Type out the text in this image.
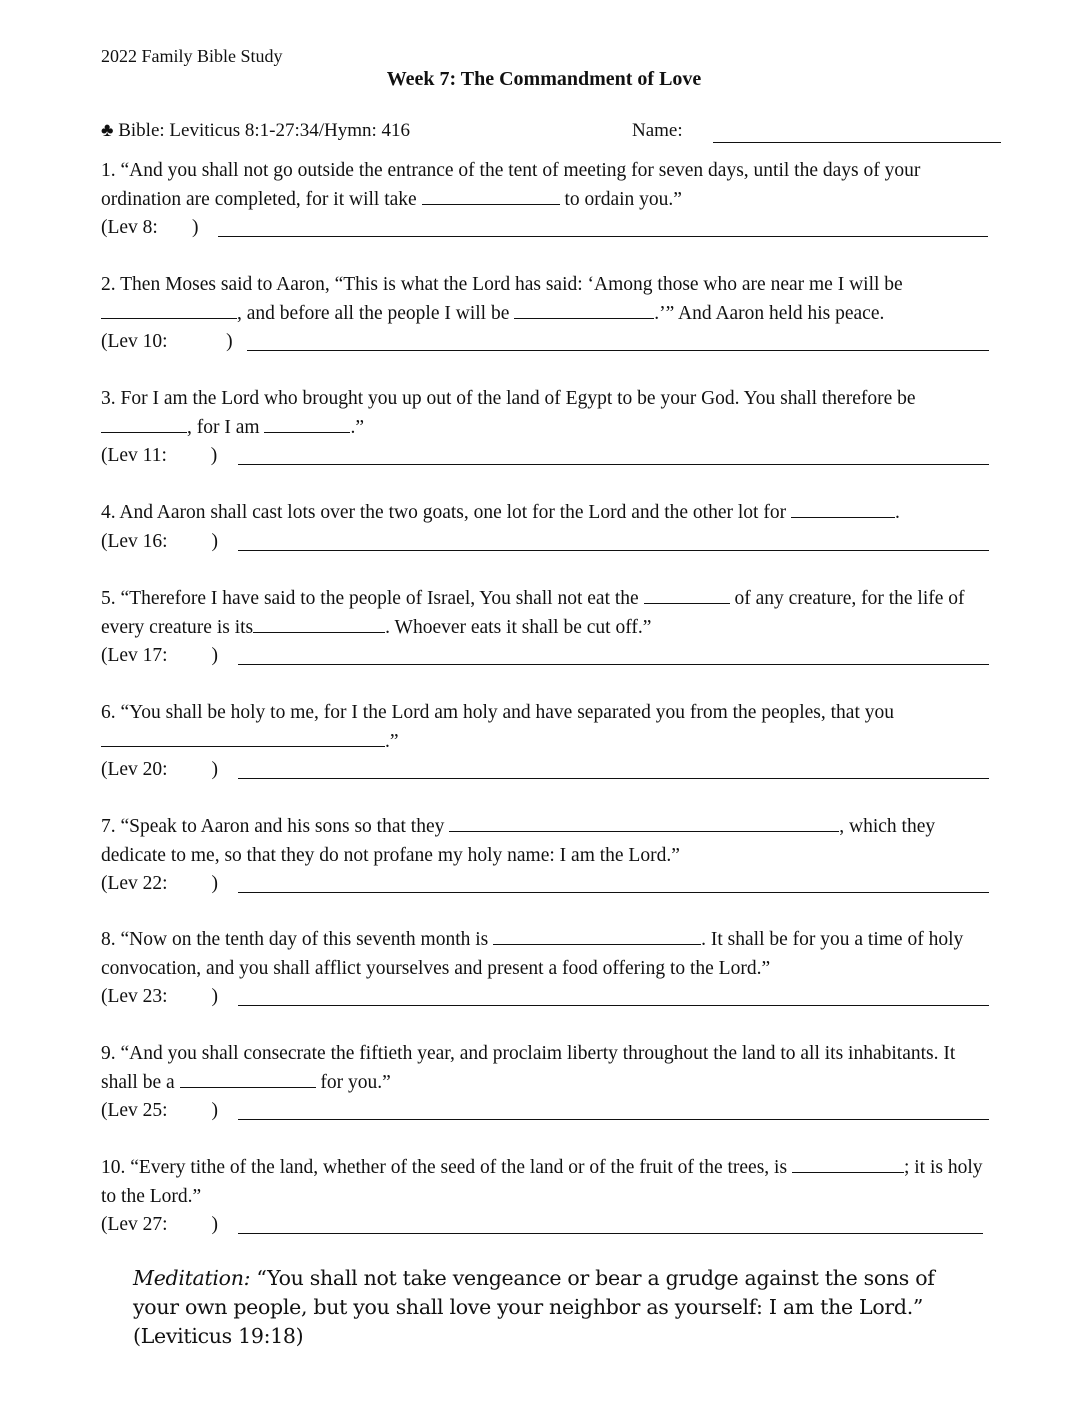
2022 Family Bible Study
Week 7: The Commandment of Love
♣ Bible: Leviticus 8:1-27:34/Hymn: 416	Name:

1. “And you shall not go outside the entrance of the tent of meeting for seven days, until the days of your ordination are completed, for it will take	to ordain you.”

(Lev 8:       )

2. Then Moses said to Aaron, “This is what the Lord has said: ‘Among those who are near me I will be , and before all the people I will be	.’” And Aaron held his peace.

(Lev 10:            )

3. For I am the Lord who brought you up out of the land of Egypt to be your God. You shall therefore be , for I am	.”

(Lev 11:         )

4. And Aaron shall cast lots over the two goats, one lot for the Lord and the other lot for	.

(Lev 16:         )

5. “Therefore I have said to the people of Israel, You shall not eat the	of any creature, for the life of every creature is its	. Whoever eats it shall be cut off.”

(Lev 17:         )

6. “You shall be holy to me, for I the Lord am holy and have separated you from the peoples, that you .”

(Lev 20:         )

7. “Speak to Aaron and his sons so that they	, which they dedicate to me, so that they do not profane my holy name: I am the Lord.”

(Lev 22:         )

8. “Now on the tenth day of this seventh month is	. It shall be for you a time of holy convocation, and you shall afflict yourselves and present a food offering to the Lord.”

(Lev 23:         )

9. “And you shall consecrate the fiftieth year, and proclaim liberty throughout the land to all its inhabitants. It shall be a	for you.”

(Lev 25:         )

10. “Every tithe of the land, whether of the seed of the land or of the fruit of the trees, is	; it is holy to the Lord.”

(Lev 27:         )
Meditation: “You shall not take vengeance or bear a grudge against the sons of your own people, but you shall love your neighbor as yourself: I am the Lord.” (Leviticus 19:18)
